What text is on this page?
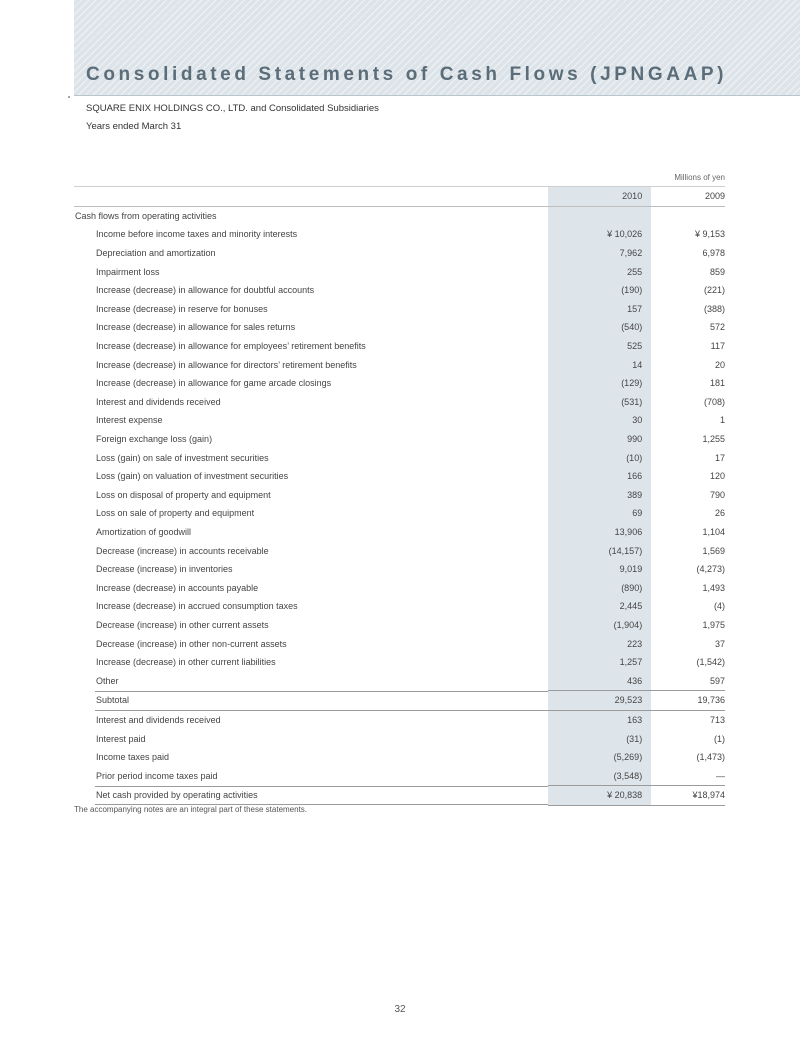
Consolidated Statements of Cash Flows (JPNGAAP)
SQUARE ENIX HOLDINGS CO., LTD. and Consolidated Subsidiaries
Years ended March 31
Millions of yen
	2010	2009
Cash flows from operating activities		
Income before income taxes and minority interests	¥ 10,026	¥ 9,153
Depreciation and amortization	7,962	6,978
Impairment loss	255	859
Increase (decrease) in allowance for doubtful accounts	(190)	(221)
Increase (decrease) in reserve for bonuses	157	(388)
Increase (decrease) in allowance for sales returns	(540)	572
Increase (decrease) in allowance for employees’ retirement benefits	525	117
Increase (decrease) in allowance for directors’ retirement benefits	14	20
Increase (decrease) in allowance for game arcade closings	(129)	181
Interest and dividends received	(531)	(708)
Interest expense	30	1
Foreign exchange loss (gain)	990	1,255
Loss (gain) on sale of investment securities	(10)	17
Loss (gain) on valuation of investment securities	166	120
Loss on disposal of property and equipment	389	790
Loss on sale of property and equipment	69	26
Amortization of goodwill	13,906	1,104
Decrease (increase) in accounts receivable	(14,157)	1,569
Decrease (increase) in inventories	9,019	(4,273)
Increase (decrease) in accounts payable	(890)	1,493
Increase (decrease) in accrued consumption taxes	2,445	(4)
Decrease (increase) in other current assets	(1,904)	1,975
Decrease (increase) in other non-current assets	223	37
Increase (decrease) in other current liabilities	1,257	(1,542)
Other	436	597
Subtotal	29,523	19,736
Interest and dividends received	163	713
Interest paid	(31)	(1)
Income taxes paid	(5,269)	(1,473)
Prior period income taxes paid	(3,548)	—
Net cash provided by operating activities	¥ 20,838	¥18,974
The accompanying notes are an integral part of these statements.
32
